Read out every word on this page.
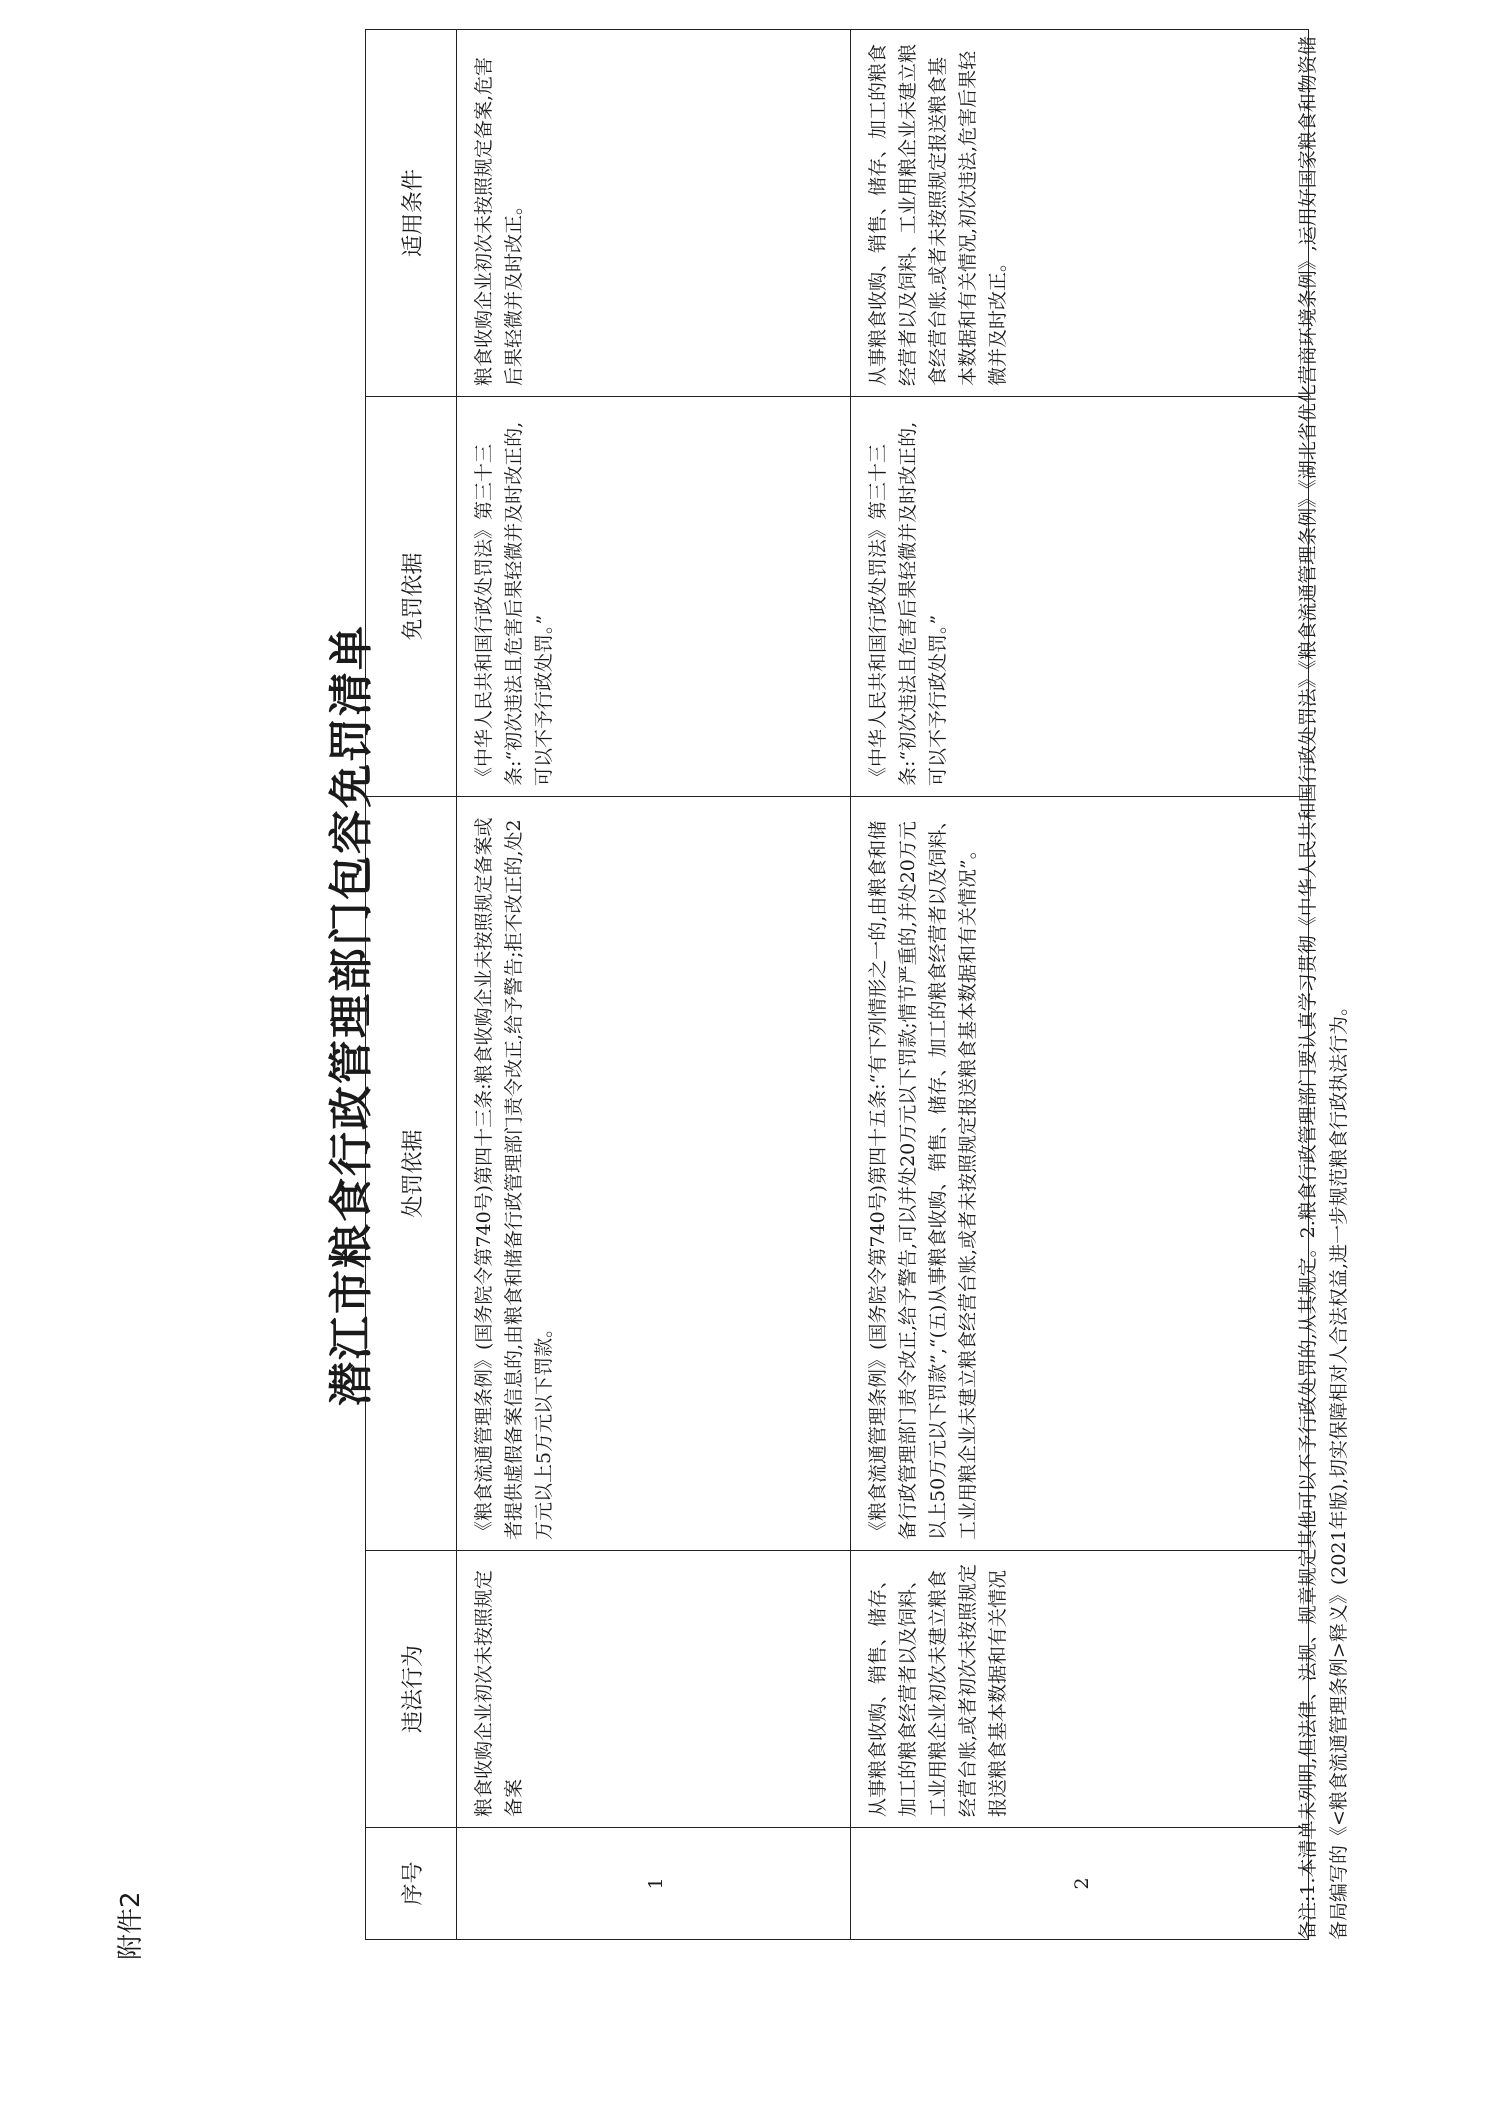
附件2
潜江市粮食行政管理部门包容免罚清单
序号	违法行为	处罚依据	免罚依据	适用条件
1	粮食收购企业初次未按照规定备案	《粮食流通管理条例》(国务院令第740号)第四十三条:粮食收购企业未按照规定备案或者提供虚假备案信息的,由粮食和储备行政管理部门责令改正,给予警告;拒不改正的,处2万元以上5万元以下罚款。	《中华人民共和国行政处罚法》第三十三条:“初次违法且危害后果轻微并及时改正的,可以不予行政处罚。”	粮食收购企业初次未按照规定备案,危害后果轻微并及时改正。
2	从事粮食收购、销售、储存、加工的粮食经营者以及饲料、工业用粮企业初次未建立粮食经营台账,或者初次未按照规定报送粮食基本数据和有关情况	《粮食流通管理条例》(国务院令第740号)第四十五条:“有下列情形之一的,由粮食和储备行政管理部门责令改正,给予警告,可以并处20万元以下罚款;情节严重的,并处20万元以上50万元以下罚款”,“(五)从事粮食收购、销售、储存、加工的粮食经营者以及饲料、工业用粮企业未建立粮食经营台账,或者未按照规定报送粮食基本数据和有关情况”。	《中华人民共和国行政处罚法》第三十三条:“初次违法且危害后果轻微并及时改正的,可以不予行政处罚。”	从事粮食收购、销售、储存、加工的粮食经营者以及饲料、工业用粮企业未建立粮食经营台账,或者未按照规定报送粮食基本数据和有关情况,初次违法,危害后果轻微并及时改正。	备注:1.本清单未列明,但法律、法规、规章规定其他可以不予行政处罚的,从其规定。2.粮食行政管理部门要认真学习贯彻《中华人民共和国行政处罚法》《粮食流通管理条例》《湖北省优化营商环境条例》,运用好国家粮食和物资储备局编写的《<粮食流通管理条例>释义》(2021年版),切实保障相对人合法权益,进一步规范粮食行政执法行为。
